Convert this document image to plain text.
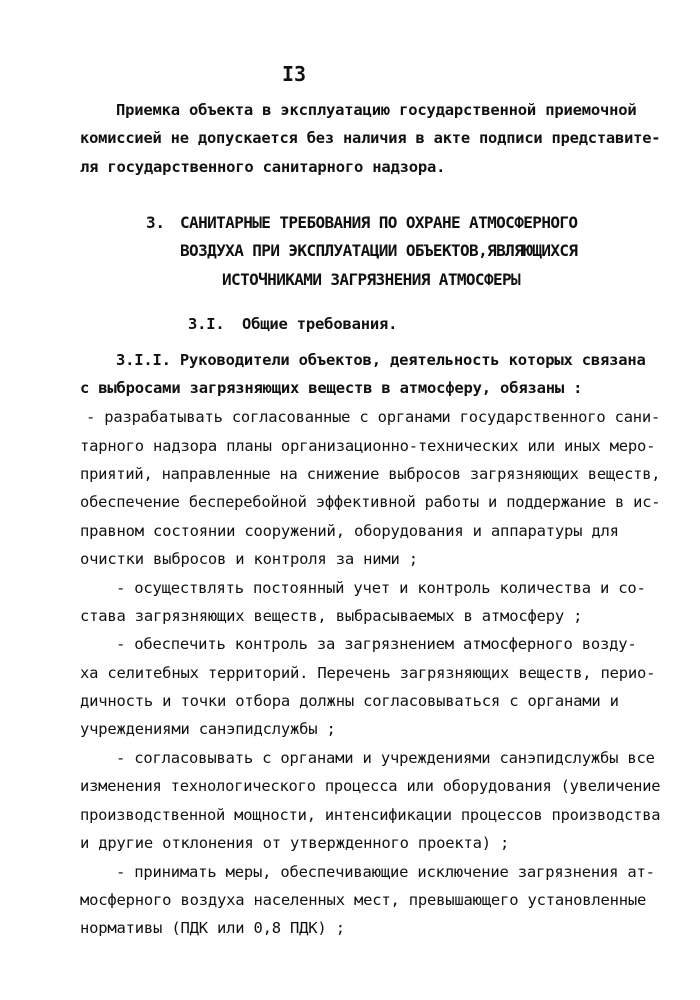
I3
Приемка объекта в эксплуатацию государственной приемочной
комиссией не допускается без наличия в акте подписи представите-
ля государственного санитарного надзора.
3. САНИТАРНЫЕ ТРЕБОВАНИЯ ПО ОХРАНЕ АТМОСФЕРНОГО
ВОЗДУХА ПРИ ЭКСПЛУАТАЦИИ ОБЪЕКТОВ,ЯВЛЯЮЩИХСЯ
ИСТОЧНИКАМИ ЗАГРЯЗНЕНИЯ АТМОСФЕРЫ
3.I. Общие требования.
3.I.I. Руководители объектов, деятельность которых связана
с выбросами загрязняющих веществ в атмосферу, обязаны :
- разрабатывать согласованные с органами государственного сани-
тарного надзора планы организационно-технических или иных меро-
приятий, направленные на снижение выбросов загрязняющих веществ,
обеспечение бесперебойной эффективной работы и поддержание в ис-
правном состоянии сооружений, оборудования и аппаратуры для
очистки выбросов и контроля за ними ;
- осуществлять постоянный учет и контроль количества и со-
става загрязняющих веществ, выбрасываемых в атмосферу ;
- обеспечить контроль за загрязнением атмосферного возду-
ха селитебных территорий. Перечень загрязняющих веществ, перио-
дичность и точки отбора должны согласовываться с органами и
учреждениями санэпидслужбы ;
- согласовывать с органами и учреждениями санэпидслужбы все
изменения технологического процесса или оборудования (увеличение
производственной мощности, интенсификации процессов производства
и другие отклонения от утвержденного проекта) ;
- принимать меры, обеспечивающие исключение загрязнения ат-
мосферного воздуха населенных мест, превышающего установленные
нормативы (ПДК или 0,8 ПДК) ;
